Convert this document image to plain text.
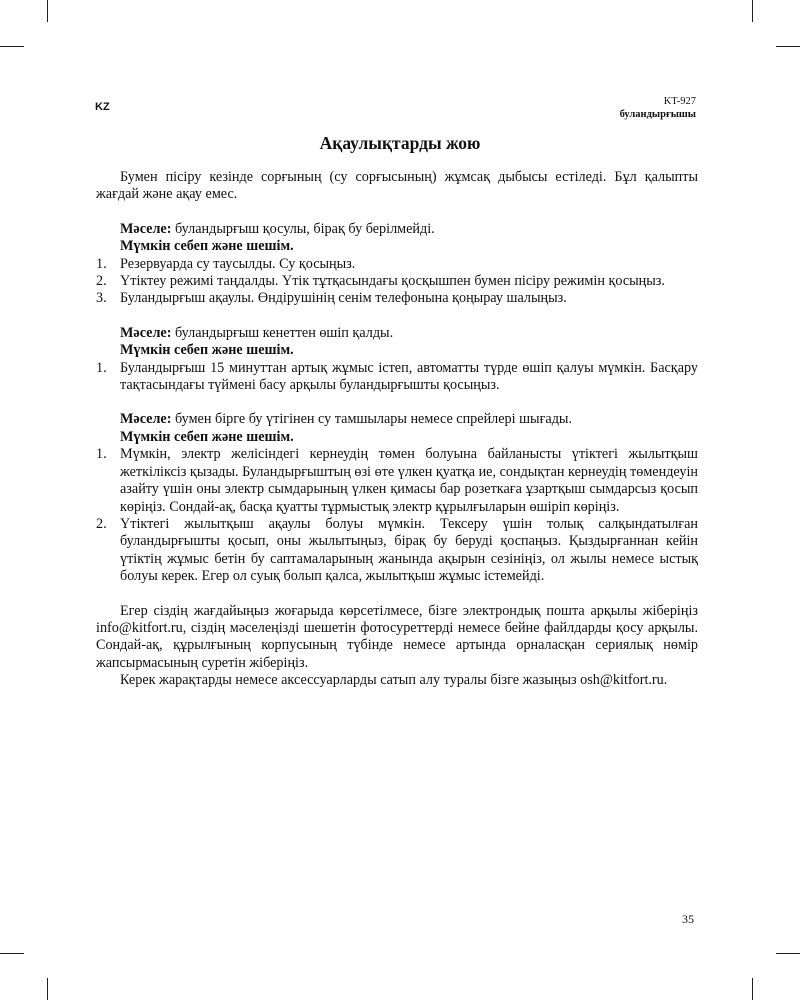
KZ	KT-927
буландырғышы
Ақаулықтарды жою

Бумен пісіру кезінде сорғының (су сорғысының) жұмсақ дыбысы естіледі. Бұл қалыпты жағдай және ақау емес.

Мәселе: буландырғыш қосулы, бірақ бу берілмейді.
Мүмкін себеп және шешім.
1. Резервуарда су таусылды. Су қосыңыз.
2. Үтіктеу режимі таңдалды. Үтік тұтқасындағы қосқышпен бумен пісіру режимін қосыңыз.
3. Буландырғыш ақаулы. Өндірушінің сенім телефонына қоңырау шалыңыз.
Мәселе: буландырғыш кенеттен өшіп қалды.
Мүмкін себеп және шешім.
1. Буландырғыш 15 минуттан артық жұмыс істеп, автоматты түрде өшіп қалуы мүмкін. Басқару тақтасындағы түймені басу арқылы буландырғышты қосыңыз.
Мәселе: бумен бірге бу үтігінен су тамшылары немесе спрейлері шығады.
Мүмкін себеп және шешім.
1. Мүмкін, электр желісіндегі кернеудің төмен болуына байланысты үтіктегі жылытқыш жеткіліксіз қызады. Буландырғыштың өзі өте үлкен қуатқа ие, сондықтан кернеудің төмендеуін азайту үшін оны электр сымдарының үлкен қимасы бар розеткаға ұзартқыш сымдарсыз қосып көріңіз. Сондай-ақ, басқа қуатты тұрмыстық электр құрылғыларын өшіріп көріңіз.
2. Үтіктегі жылытқыш ақаулы болуы мүмкін. Тексеру үшін толық салқындатылған буландырғышты қосып, оны жылытыңыз, бірақ бу беруді қоспаңыз. Қыздырғаннан кейін үтіктің жұмыс бетін бу саптамаларының жанында ақырын сезініңіз, ол жылы немесе ыстық болуы керек. Егер ол суық болып қалса, жылытқыш жұмыс істемейді.

Егер сіздің жағдайыңыз жоғарыда көрсетілмесе, бізге электрондық пошта арқылы жіберіңіз info@kitfort.ru, сіздің мәселеңізді шешетін фотосуреттерді немесе бейне файлдарды қосу арқылы. Сондай-ақ, құрылғының корпусының түбінде немесе артында орналасқан сериялық нөмір жапсырмасының суретін жіберіңіз.

Керек жарақтарды немесе аксессуарларды сатып алу туралы бізге жазыңыз osh@kitfort.ru.

35
